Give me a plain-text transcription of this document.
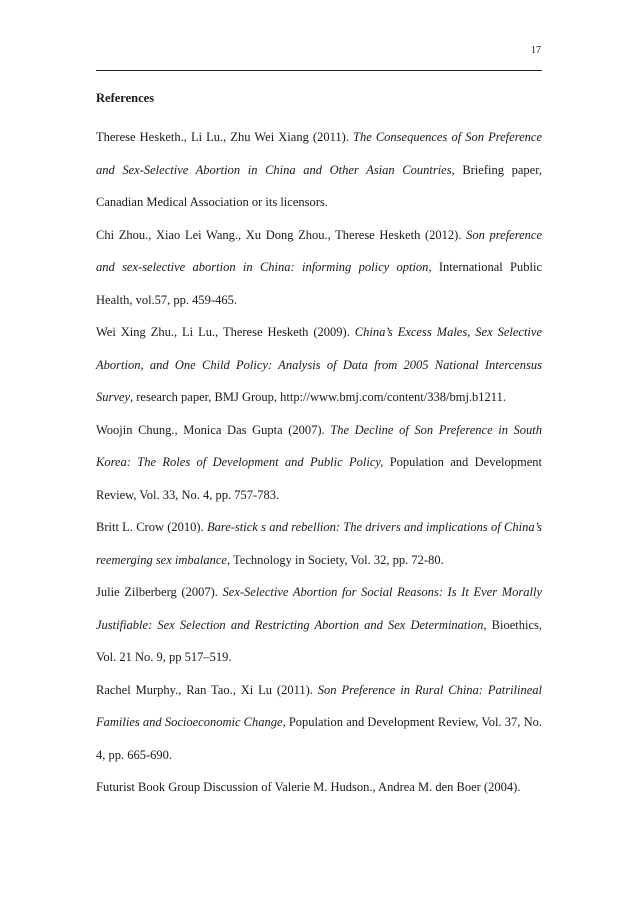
17
References

Therese Hesketh., Li Lu., Zhu Wei Xiang (2011). The Consequences of Son Preference and Sex-Selective Abortion in China and Other Asian Countries, Briefing paper, Canadian Medical Association or its licensors.

Chi Zhou., Xiao Lei Wang., Xu Dong Zhou., Therese Hesketh (2012). Son preference and sex-selective abortion in China: informing policy option, International Public Health, vol.57, pp. 459-465.

Wei Xing Zhu., Li Lu., Therese Hesketh (2009). China’s Excess Males, Sex Selective Abortion, and One Child Policy: Analysis of Data from 2005 National Intercensus Survey, research paper, BMJ Group, http://www.bmj.com/content/338/bmj.b1211.

Woojin Chung., Monica Das Gupta (2007). The Decline of Son Preference in South Korea: The Roles of Development and Public Policy, Population and Development Review, Vol. 33, No. 4, pp. 757-783.

Britt L. Crow (2010). Bare-stick s and rebellion: The drivers and implications of China’s reemerging sex imbalance, Technology in Society, Vol. 32, pp. 72-80.

Julie Zilberberg (2007). Sex-Selective Abortion for Social Reasons: Is It Ever Morally Justifiable: Sex Selection and Restricting Abortion and Sex Determination, Bioethics, Vol. 21 No. 9, pp 517–519.

Rachel Murphy., Ran Tao., Xi Lu (2011). Son Preference in Rural China: Patrilineal Families and Socioeconomic Change, Population and Development Review, Vol. 37, No. 4, pp. 665-690.

Futurist Book Group Discussion of Valerie M. Hudson., Andrea M. den Boer (2004).
